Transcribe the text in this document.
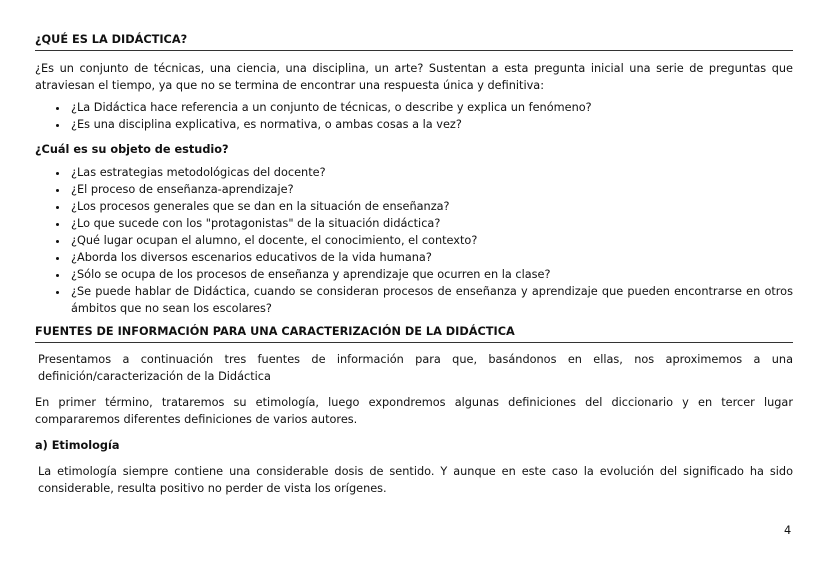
¿QUÉ ES LA DIDÁCTICA?

¿Es un conjunto de técnicas, una ciencia, una disciplina, un arte? Sustentan a esta pregunta inicial una serie de preguntas que atraviesan el tiempo, ya que no se termina de encontrar una respuesta única y definitiva:

• ¿La Didáctica hace referencia a un conjunto de técnicas, o describe y explica un fenómeno?
• ¿Es una disciplina explicativa, es normativa, o ambas cosas a la vez?
¿Cuál es su objeto de estudio?
• ¿Las estrategias metodológicas del docente?
• ¿El proceso de enseñanza-aprendizaje?
• ¿Los procesos generales que se dan en la situación de enseñanza?
• ¿Lo que sucede con los "protagonistas" de la situación didáctica?
• ¿Qué lugar ocupan el alumno, el docente, el conocimiento, el contexto?
• ¿Aborda los diversos escenarios educativos de la vida humana?
• ¿Sólo se ocupa de los procesos de enseñanza y aprendizaje que ocurren en la clase?
• ¿Se puede hablar de Didáctica, cuando se consideran procesos de enseñanza y aprendizaje que pueden encontrarse en otros ámbitos que no sean los escolares?
FUENTES DE INFORMACIÓN PARA UNA CARACTERIZACIÓN DE LA DIDÁCTICA

Presentamos a continuación tres fuentes de información para que, basándonos en ellas, nos aproximemos a una definición/caracterización de la Didáctica

En primer término, trataremos su etimología, luego expondremos algunas definiciones del diccionario y en tercer lugar compararemos diferentes definiciones de varios autores.

a) Etimología

La etimología siempre contiene una considerable dosis de sentido. Y aunque en este caso la evolución del significado ha sido considerable, resulta positivo no perder de vista los orígenes.

4
